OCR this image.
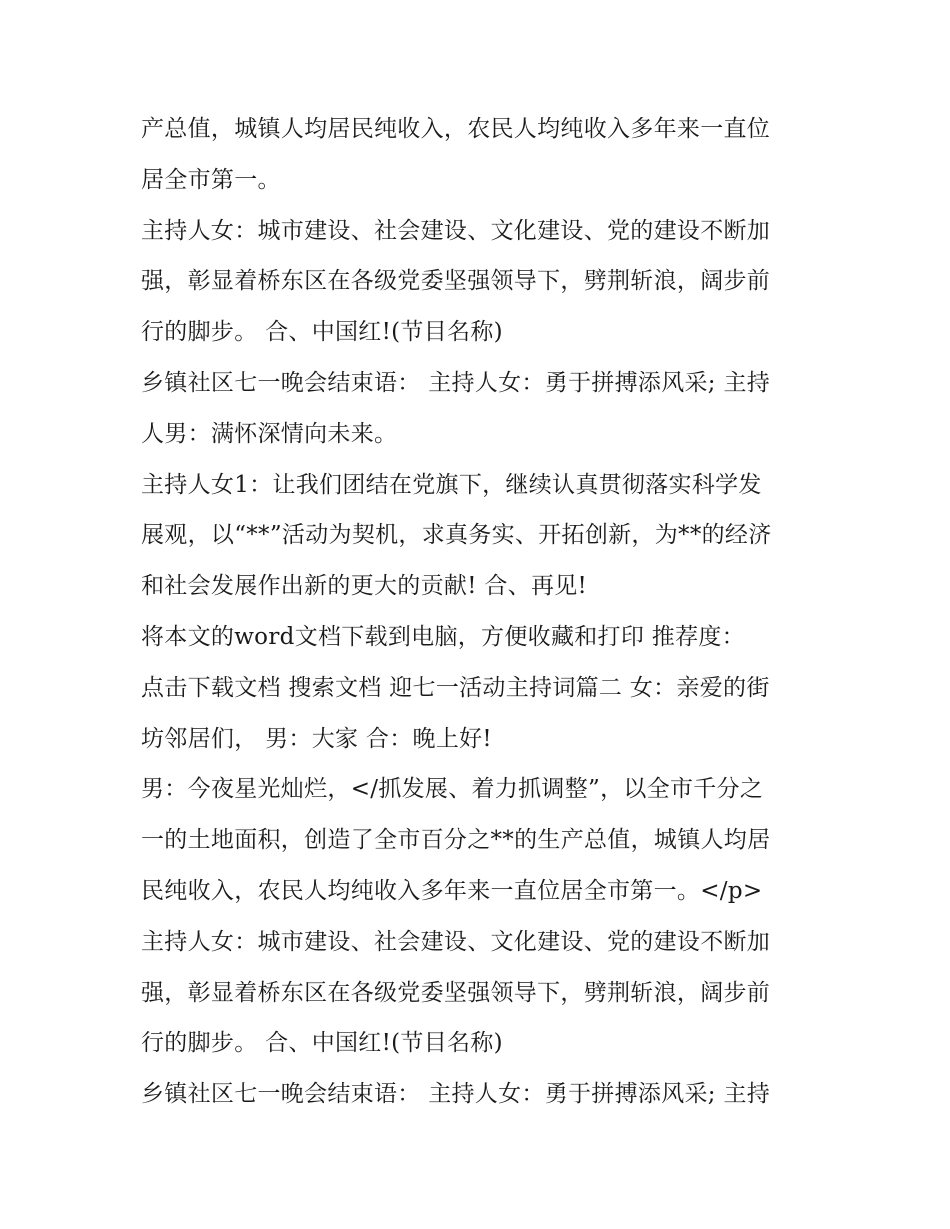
产总值，城镇人均居民纯收入，农民人均纯收入多年来一直位
居全市第一。
主持人女：城市建设、社会建设、文化建设、党的建设不断加
强，彰显着桥东区在各级党委坚强领导下，劈荆斩浪，阔步前
行的脚步。 合、中国红!(节目名称)
乡镇社区七一晚会结束语： 主持人女：勇于拼搏添风采; 主持
人男：满怀深情向未来。
主持人女1：让我们团结在党旗下，继续认真贯彻落实科学发
展观，以“**”活动为契机，求真务实、开拓创新，为**的经济
和社会发展作出新的更大的贡献! 合、再见!
将本文的word文档下载到电脑，方便收藏和打印 推荐度：
点击下载文档 搜索文档 迎七一活动主持词篇二 女：亲爱的街
坊邻居们， 男：大家 合：晚上好!
男：今夜星光灿烂，</抓发展、着力抓调整”，以全市千分之
一的土地面积，创造了全市百分之**的生产总值，城镇人均居
民纯收入，农民人均纯收入多年来一直位居全市第一。</p>
主持人女：城市建设、社会建设、文化建设、党的建设不断加
强，彰显着桥东区在各级党委坚强领导下，劈荆斩浪，阔步前
行的脚步。 合、中国红!(节目名称)
乡镇社区七一晚会结束语： 主持人女：勇于拼搏添风采; 主持
